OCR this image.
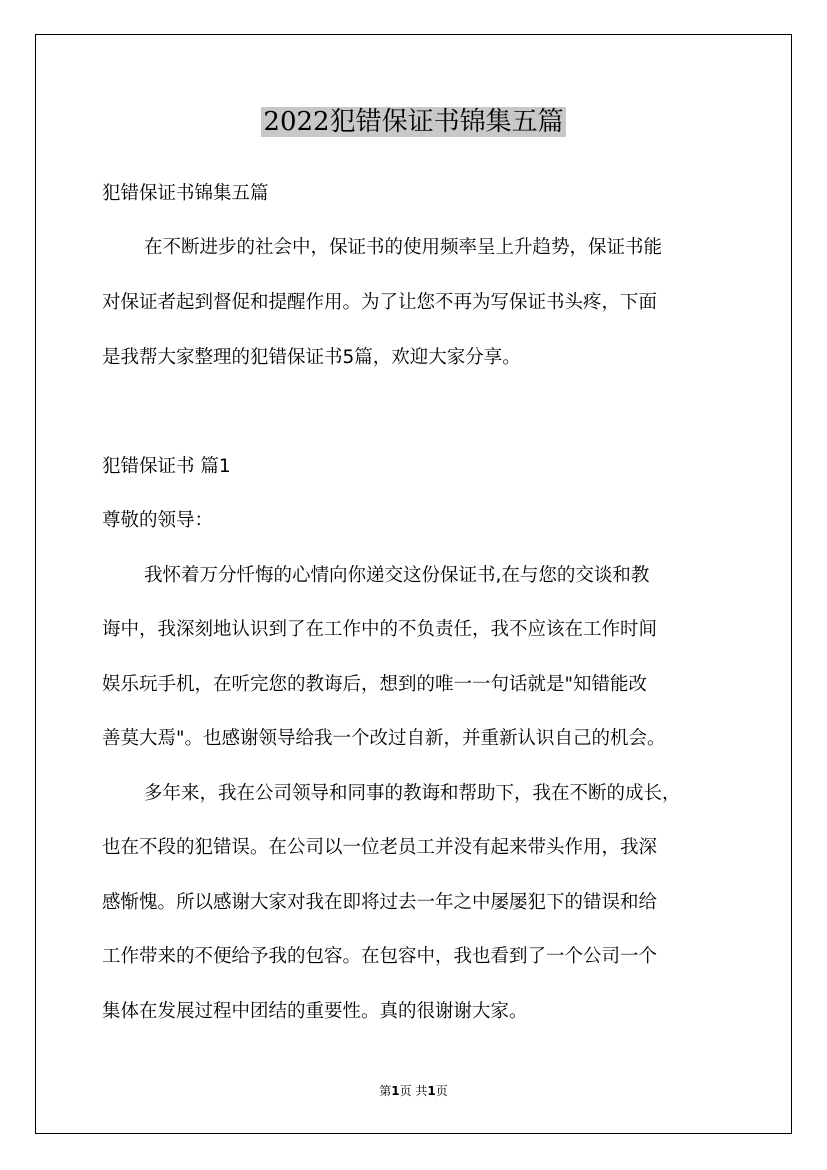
2022犯错保证书锦集五篇
犯错保证书锦集五篇
在不断进步的社会中，保证书的使用频率呈上升趋势，保证书能
对保证者起到督促和提醒作用。为了让您不再为写保证书头疼，下面
是我帮大家整理的犯错保证书5篇，欢迎大家分享。
犯错保证书 篇1
尊敬的领导：
我怀着万分忏悔的心情向你递交这份保证书,在与您的交谈和教
诲中，我深刻地认识到了在工作中的不负责任，我不应该在工作时间
娱乐玩手机，在听完您的教诲后，想到的唯一一句话就是"知错能改
善莫大焉"。也感谢领导给我一个改过自新，并重新认识自己的机会。
多年来，我在公司领导和同事的教诲和帮助下，我在不断的成长，
也在不段的犯错误。在公司以一位老员工并没有起来带头作用，我深
感惭愧。所以感谢大家对我在即将过去一年之中屡屡犯下的错误和给
工作带来的不便给予我的包容。在包容中，我也看到了一个公司一个
集体在发展过程中团结的重要性。真的很谢谢大家。
第1页 共1页
